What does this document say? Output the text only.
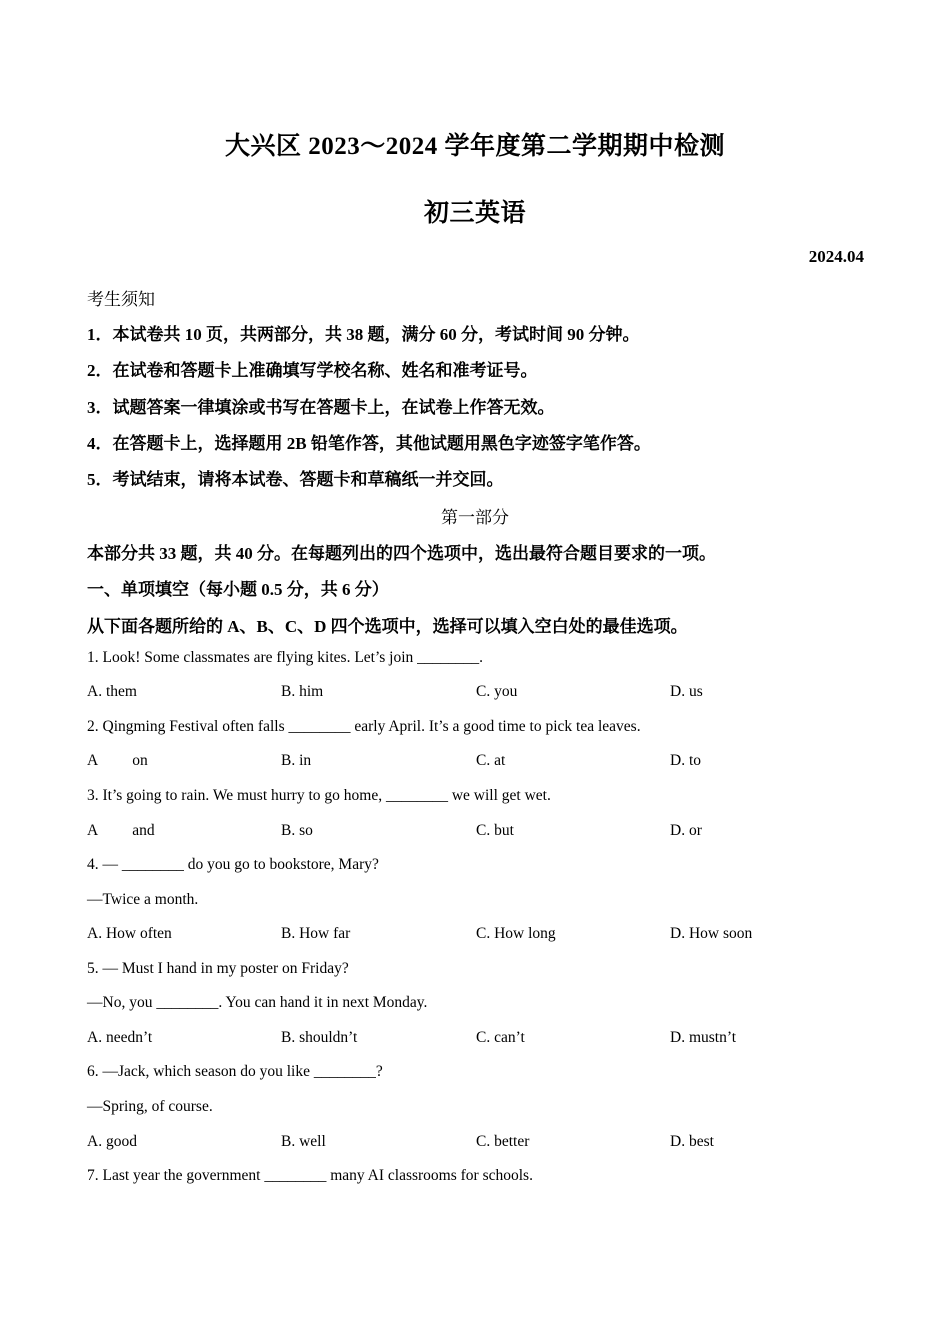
大兴区 2023～2024 学年度第二学期期中检测
初三英语
2024.04
考生须知
1．本试卷共 10 页，共两部分，共 38 题，满分 60 分，考试时间 90 分钟。
2．在试卷和答题卡上准确填写学校名称、姓名和准考证号。
3．试题答案一律填涂或书写在答题卡上，在试卷上作答无效。
4．在答题卡上，选择题用 2B 铅笔作答，其他试题用黑色字迹签字笔作答。
5．考试结束，请将本试卷、答题卡和草稿纸一并交回。
第一部分
本部分共 33 题，共 40 分。在每题列出的四个选项中，选出最符合题目要求的一项。
一、单项填空（每小题 0.5 分，共 6 分）
从下面各题所给的 A、B、C、D 四个选项中，选择可以填入空白处的最佳选项。
1. Look! Some classmates are flying kites. Let’s join ________.
A. them	B. him	C. you	D. us
2. Qingming Festival often falls ________ early April. It’s a good time to pick tea leaves.
A         on	B. in	C. at	D. to
3. It’s going to rain. We must hurry to go home, ________ we will get wet.
A         and	B. so	C. but	D. or
4. — ________ do you go to bookstore, Mary?
—Twice a month.
A. How often	B. How far	C. How long	D. How soon
5. — Must I hand in my poster on Friday?
—No, you ________. You can hand it in next Monday.
A. needn’t	B. shouldn’t	C. can’t	D. mustn’t
6. —Jack, which season do you like ________?
—Spring, of course.
A. good	B. well	C. better	D. best
7. Last year the government ________ many AI classrooms for schools.
